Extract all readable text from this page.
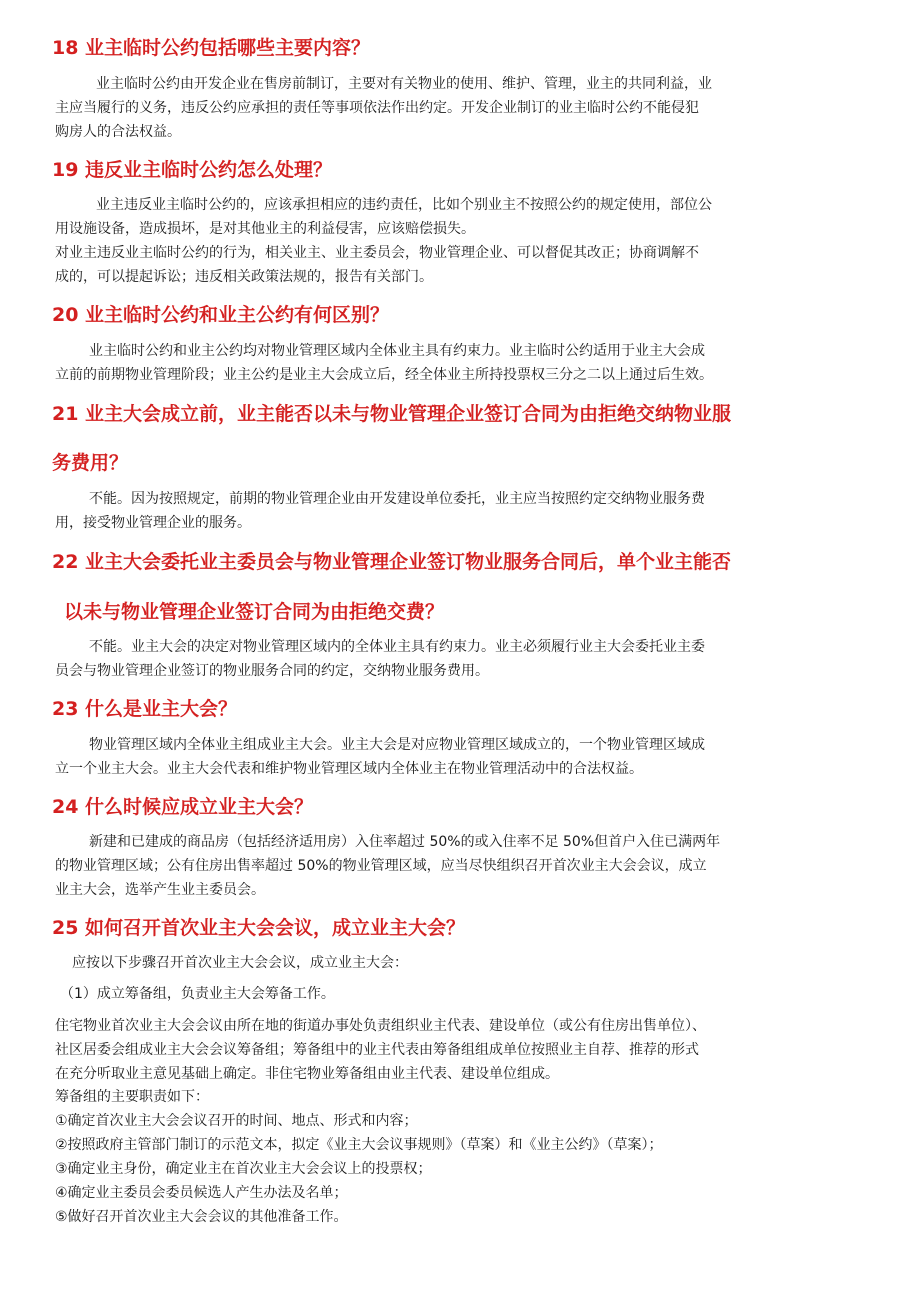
18 业主临时公约包括哪些主要内容？
业主临时公约由开发企业在售房前制订，主要对有关物业的使用、维护、管理，业主的共同利益，业
主应当履行的义务，违反公约应承担的责任等事项依法作出约定。开发企业制订的业主临时公约不能侵犯
购房人的合法权益。
19 违反业主临时公约怎么处理？
业主违反业主临时公约的，应该承担相应的违约责任，比如个别业主不按照公约的规定使用，部位公
用设施设备，造成损坏，是对其他业主的利益侵害，应该赔偿损失。
对业主违反业主临时公约的行为，相关业主、业主委员会，物业管理企业、可以督促其改正；协商调解不
成的，可以提起诉讼；违反相关政策法规的，报告有关部门。
20 业主临时公约和业主公约有何区别？
业主临时公约和业主公约均对物业管理区域内全体业主具有约束力。业主临时公约适用于业主大会成
立前的前期物业管理阶段；业主公约是业主大会成立后，经全体业主所持投票权三分之二以上通过后生效。
21 业主大会成立前，业主能否以未与物业管理企业签订合同为由拒绝交纳物业服
务费用？
不能。因为按照规定，前期的物业管理企业由开发建设单位委托，业主应当按照约定交纳物业服务费
用，接受物业管理企业的服务。
22 业主大会委托业主委员会与物业管理企业签订物业服务合同后，单个业主能否
以未与物业管理企业签订合同为由拒绝交费？
不能。业主大会的决定对物业管理区域内的全体业主具有约束力。业主必须履行业主大会委托业主委
员会与物业管理企业签订的物业服务合同的约定，交纳物业服务费用。
23 什么是业主大会？
物业管理区域内全体业主组成业主大会。业主大会是对应物业管理区域成立的，一个物业管理区域成
立一个业主大会。业主大会代表和维护物业管理区域内全体业主在物业管理活动中的合法权益。
24 什么时候应成立业主大会？
新建和已建成的商品房（包括经济适用房）入住率超过 50%的或入住率不足 50%但首户入住已满两年
的物业管理区域；公有住房出售率超过 50%的物业管理区域，应当尽快组织召开首次业主大会会议，成立
业主大会，选举产生业主委员会。
25 如何召开首次业主大会会议，成立业主大会？
应按以下步骤召开首次业主大会会议，成立业主大会：
（1）成立筹备组，负责业主大会筹备工作。
住宅物业首次业主大会会议由所在地的街道办事处负责组织业主代表、建设单位（或公有住房出售单位）、
社区居委会组成业主大会会议筹备组；筹备组中的业主代表由筹备组组成单位按照业主自荐、推荐的形式
在充分听取业主意见基础上确定。非住宅物业筹备组由业主代表、建设单位组成。
筹备组的主要职责如下：
①确定首次业主大会会议召开的时间、地点、形式和内容；
②按照政府主管部门制订的示范文本，拟定《业主大会议事规则》（草案）和《业主公约》（草案）；
③确定业主身份，确定业主在首次业主大会会议上的投票权；
④确定业主委员会委员候选人产生办法及名单；
⑤做好召开首次业主大会会议的其他准备工作。
